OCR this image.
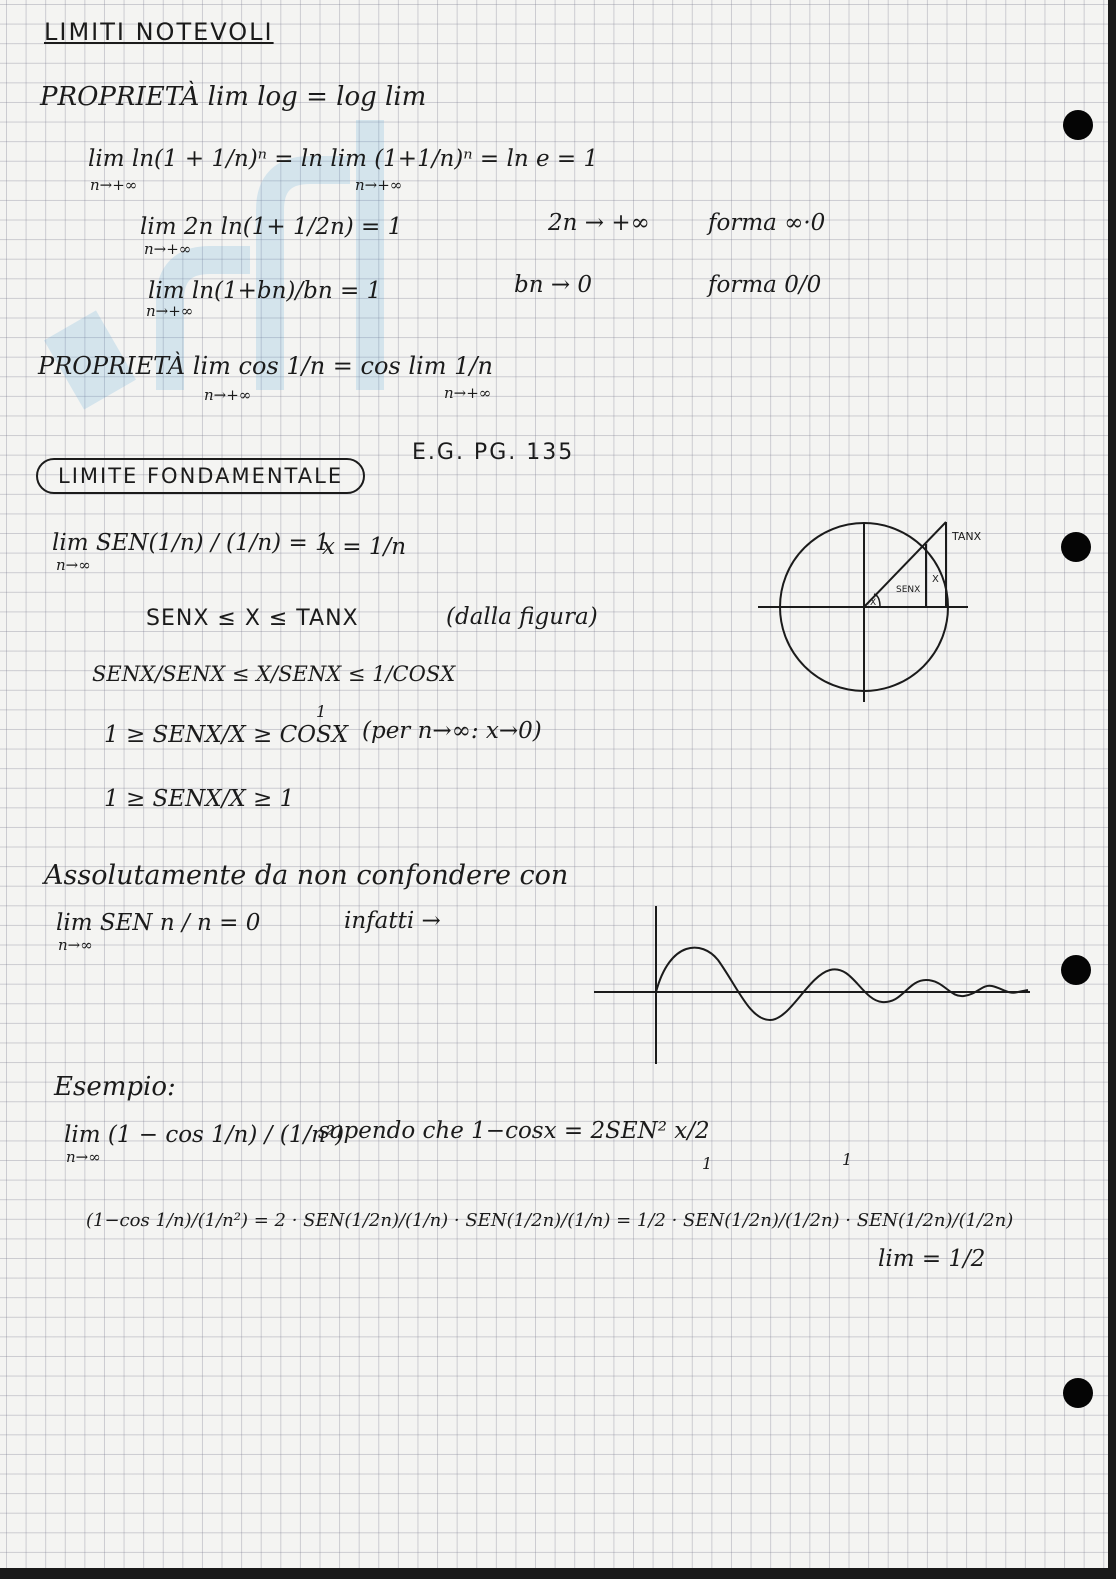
LIMITI NOTEVOLI
PROPRIETÀ lim log = log lim
lim ln(1 + 1/n)ⁿ = ln lim (1+1/n)ⁿ = ln e = 1
n→+∞	n→+∞
lim 2n ln(1+ 1/2n) = 1
n→+∞
2n → +∞	forma ∞·0
lim ln(1+bn)/bn = 1
n→+∞
bn → 0	forma 0/0
PROPRIETÀ lim cos 1/n = cos lim 1/n
n→+∞	n→+∞
E.G. PG. 135
LIMITE FONDAMENTALE
lim SEN(1/n) / (1/n) = 1
n→∞
x = 1/n
SENX ≤ X ≤ TANX	(dalla figura)
SENX/SENX ≤ X/SENX ≤ 1/COSX
1 ≥ SENX/X ≥ COSX
1
(per n→∞: x→0)
1 ≥ SENX/X ≥ 1
TANX
SENX
X
X
Assolutamente da non confondere con
lim SEN n / n = 0
n→∞
infatti →
Esempio:
lim (1 − cos 1/n) / (1/n²)
n→∞
sapendo che 1−cosx = 2SEN² x/2
(1−cos 1/n)/(1/n²) = 2 · SEN(1/2n)/(1/n) · SEN(1/2n)/(1/n) = 1/2 · SEN(1/2n)/(1/2n) · SEN(1/2n)/(1/2n)
1	1
lim = 1/2
